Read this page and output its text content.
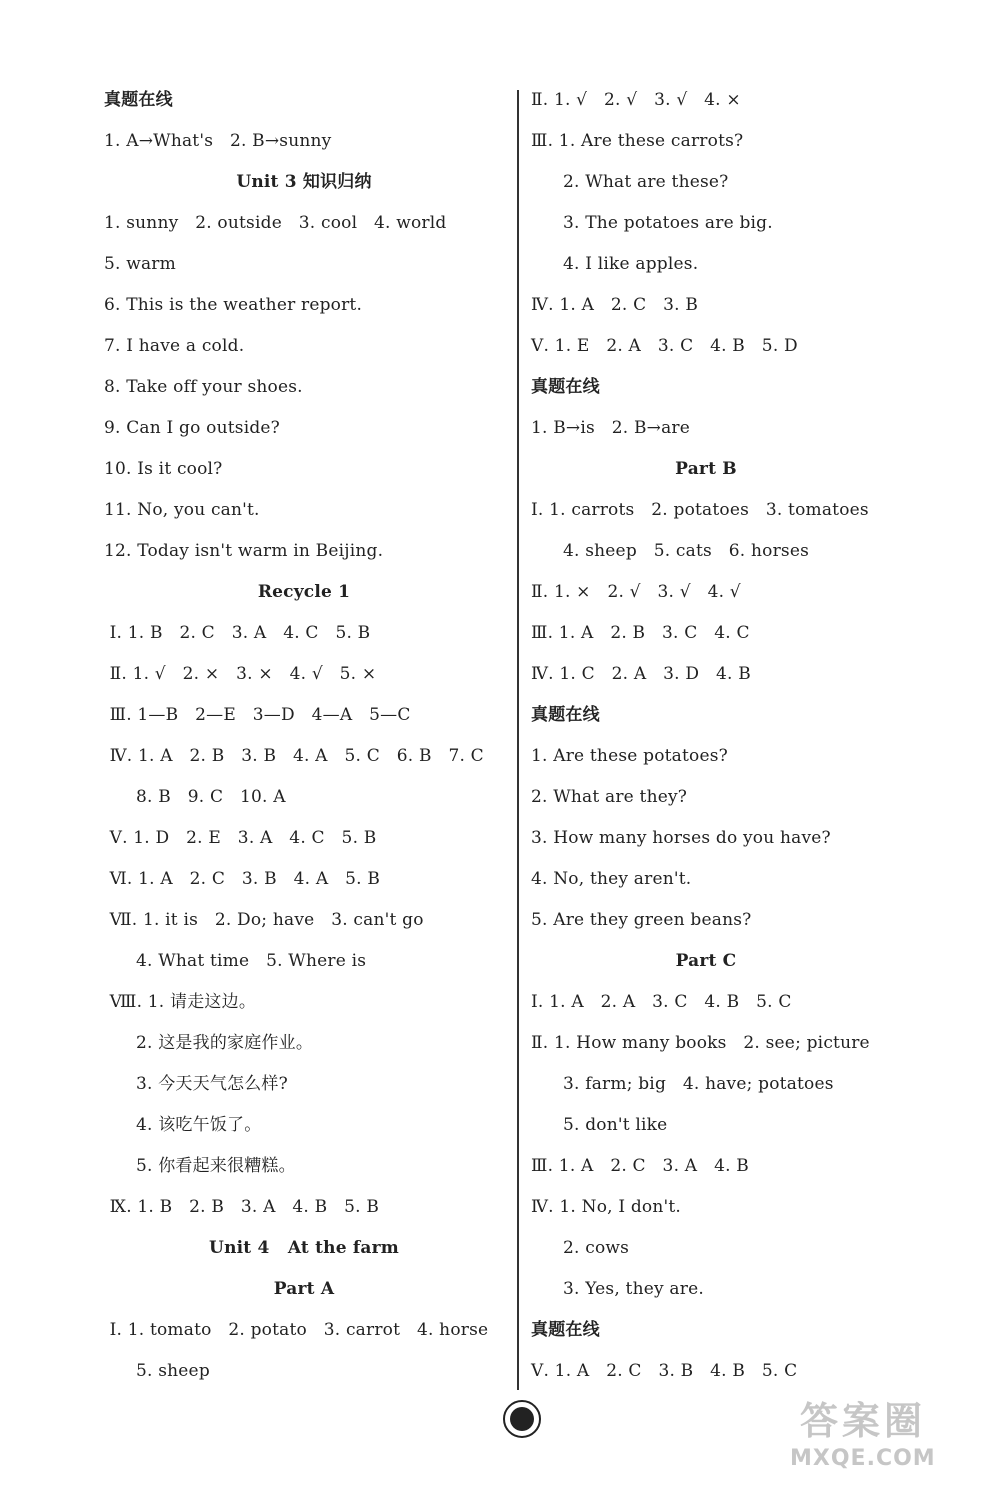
真题在线
1. A→What's   2. B→sunny
Unit 3 知识归纳
1. sunny   2. outside   3. cool   4. world
5. warm
6. This is the weather report.
7. I have a cold.
8. Take off your shoes.
9. Can I go outside?
10. Is it cool?
11. No, you can't.
12. Today isn't warm in Beijing.
Recycle 1
Ⅰ. 1. B   2. C   3. A   4. C   5. B
Ⅱ. 1. √   2. ×   3. ×   4. √   5. ×
Ⅲ. 1—B   2—E   3—D   4—A   5—C
Ⅳ. 1. A   2. B   3. B   4. A   5. C   6. B   7. C
8. B   9. C   10. A
Ⅴ. 1. D   2. E   3. A   4. C   5. B
Ⅵ. 1. A   2. C   3. B   4. A   5. B
Ⅶ. 1. it is   2. Do; have   3. can't go
4. What time   5. Where is
Ⅷ. 1. 请走这边。
2. 这是我的家庭作业。
3. 今天天气怎么样?
4. 该吃午饭了。
5. 你看起来很糟糕。
Ⅸ. 1. B   2. B   3. A   4. B   5. B
Unit 4   At the farm
Part A
Ⅰ. 1. tomato   2. potato   3. carrot   4. horse
5. sheep
Ⅱ. 1. √   2. √   3. √   4. ×
Ⅲ. 1. Are these carrots?
2. What are these?
3. The potatoes are big.
4. I like apples.
Ⅳ. 1. A   2. C   3. B
Ⅴ. 1. E   2. A   3. C   4. B   5. D
真题在线
1. B→is   2. B→are
Part B
Ⅰ. 1. carrots   2. potatoes   3. tomatoes
4. sheep   5. cats   6. horses
Ⅱ. 1. ×   2. √   3. √   4. √
Ⅲ. 1. A   2. B   3. C   4. C
Ⅳ. 1. C   2. A   3. D   4. B
真题在线
1. Are these potatoes?
2. What are they?
3. How many horses do you have?
4. No, they aren't.
5. Are they green beans?
Part C
Ⅰ. 1. A   2. A   3. C   4. B   5. C
Ⅱ. 1. How many books   2. see; picture
3. farm; big   4. have; potatoes
5. don't like
Ⅲ. 1. A   2. C   3. A   4. B
Ⅳ. 1. No, I don't.
2. cows
3. Yes, they are.
真题在线
Ⅴ. 1. A   2. C   3. B   4. B   5. C
答案圈
MXQE.COM
